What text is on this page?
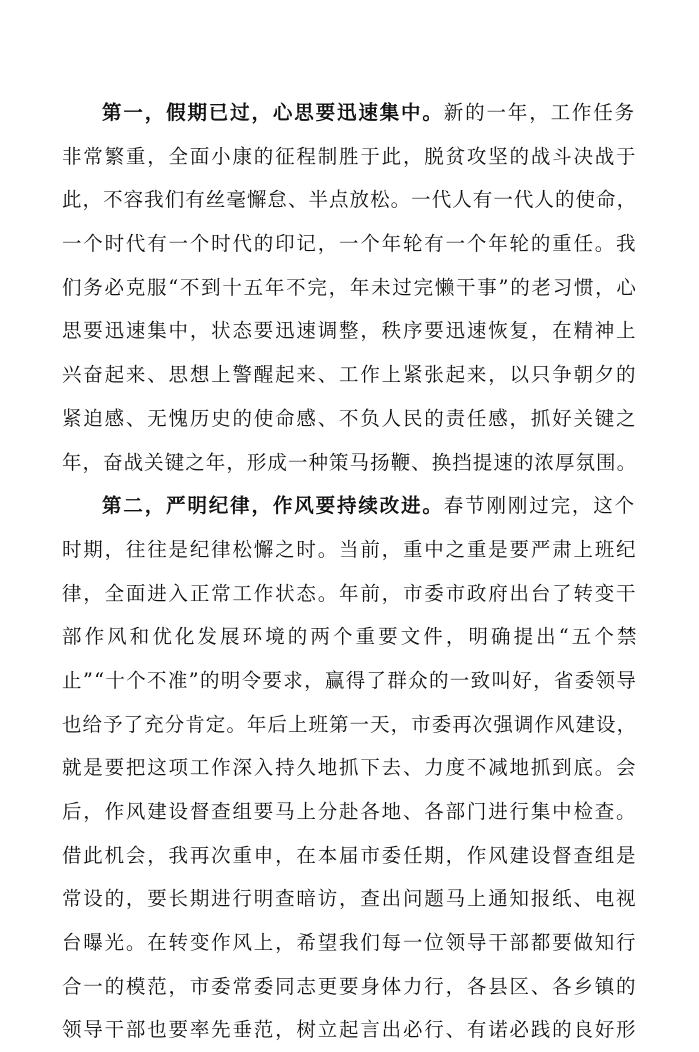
第一，假期已过，心思要迅速集中。 新的一年，工作任务
非常繁重，全面小康的征程制胜于此，脱贫攻坚的战斗决战于
此，不容我们有丝毫懈怠、半点放松。一代人有一代人的使命，
一个时代有一个时代的印记，一个年轮有一个年轮的重任。我
们务必克服“不到十五年不完，年未过完懒干事”的老习惯，心
思要迅速集中，状态要迅速调整，秩序要迅速恢复，在精神上
兴奋起来、思想上警醒起来、工作上紧张起来，以只争朝夕的
紧迫感、无愧历史的使命感、不负人民的责任感，抓好关键之
年，奋战关键之年，形成一种策马扬鞭、换挡提速的浓厚氛围。
第二，严明纪律，作风要持续改进。 春节刚刚过完，这个
时期，往往是纪律松懈之时。当前，重中之重是要严肃上班纪
律，全面进入正常工作状态。年前，市委市政府出台了转变干
部作风和优化发展环境的两个重要文件，明确提出“五个禁
止”“十个不准”的明令要求，赢得了群众的一致叫好，省委领导
也给予了充分肯定。年后上班第一天，市委再次强调作风建设，
就是要把这项工作深入持久地抓下去、力度不减地抓到底。会
后，作风建设督查组要马上分赴各地、各部门进行集中检查。
借此机会，我再次重申，在本届市委任期，作风建设督查组是
常设的，要长期进行明查暗访，查出问题马上通知报纸、电视
台曝光。在转变作风上，希望我们每一位领导干部都要做知行
合一的模范，市委常委同志更要身体力行，各县区、各乡镇的
领导干部也要率先垂范，树立起言出必行、有诺必践的良好形
